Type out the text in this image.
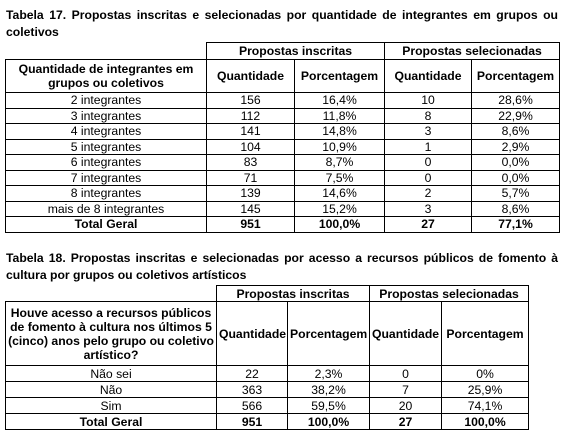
Tabela 17. Propostas inscritas e selecionadas por quantidade de integrantes em grupos ou coletivos
	Propostas inscritas		Propostas selecionadas	
Quantidade de integrantes em grupos ou coletivos	Quantidade	Porcentagem	Quantidade	Porcentagem
2 integrantes	156	16,4%	10	28,6%
3 integrantes	112	11,8%	8	22,9%
4 integrantes	141	14,8%	3	8,6%
5 integrantes	104	10,9%	1	2,9%
6 integrantes	83	8,7%	0	0,0%
7 integrantes	71	7,5%	0	0,0%
8 integrantes	139	14,6%	2	5,7%
mais de 8 integrantes	145	15,2%	3	8,6%
Total Geral	951	100,0%	27	77,1%
Tabela 18. Propostas inscritas e selecionadas por acesso a recursos públicos de fomento à cultura por grupos ou coletivos artísticos
	Propostas inscritas		Propostas selecionadas	
Houve acesso a recursos públicos de fomento à cultura nos últimos 5 (cinco) anos pelo grupo ou coletivo artístico?	Quantidade	Porcentagem	Quantidade	Porcentagem
Não sei	22	2,3%	0	0%
Não	363	38,2%	7	25,9%
Sim	566	59,5%	20	74,1%
Total Geral	951	100,0%	27	100,0%
